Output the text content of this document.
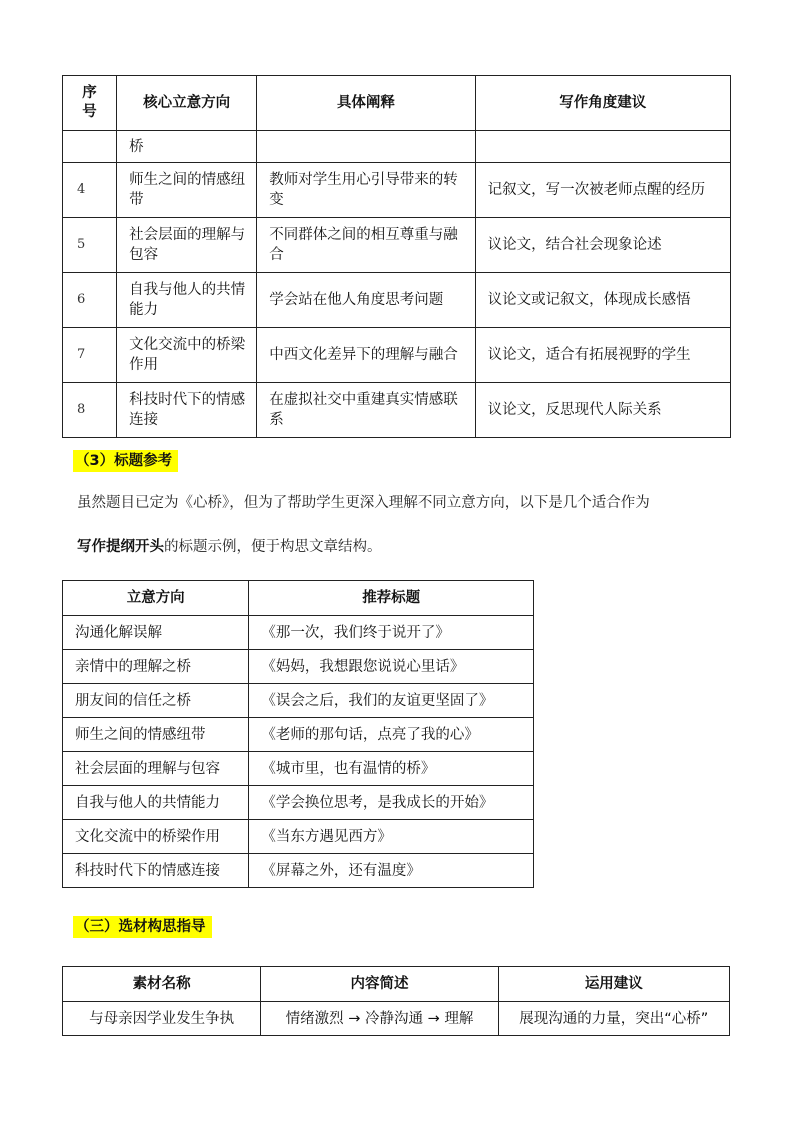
序号	核心立意方向	具体阐释	写作角度建议
	桥		
4	师生之间的情感纽带	教师对学生用心引导带来的转变	记叙文，写一次被老师点醒的经历
5	社会层面的理解与包容	不同群体之间的相互尊重与融合	议论文，结合社会现象论述
6	自我与他人的共情能力	学会站在他人角度思考问题	议论文或记叙文，体现成长感悟
7	文化交流中的桥梁作用	中西文化差异下的理解与融合	议论文，适合有拓展视野的学生
8	科技时代下的情感连接	在虚拟社交中重建真实情感联系	议论文，反思现代人际关系
（3）标题参考
虽然题目已定为《心桥》，但为了帮助学生更深入理解不同立意方向，以下是几个适合作为
写作提纲开头的标题示例，便于构思文章结构。
立意方向	推荐标题
沟通化解误解	《那一次，我们终于说开了》
亲情中的理解之桥	《妈妈，我想跟您说说心里话》
朋友间的信任之桥	《误会之后，我们的友谊更坚固了》
师生之间的情感纽带	《老师的那句话，点亮了我的心》
社会层面的理解与包容	《城市里，也有温情的桥》
自我与他人的共情能力	《学会换位思考，是我成长的开始》
文化交流中的桥梁作用	《当东方遇见西方》
科技时代下的情感连接	《屏幕之外，还有温度》
（三）选材构思指导
素材名称	内容简述	运用建议
与母亲因学业发生争执	情绪激烈 → 冷静沟通 → 理解	展现沟通的力量，突出“心桥”
